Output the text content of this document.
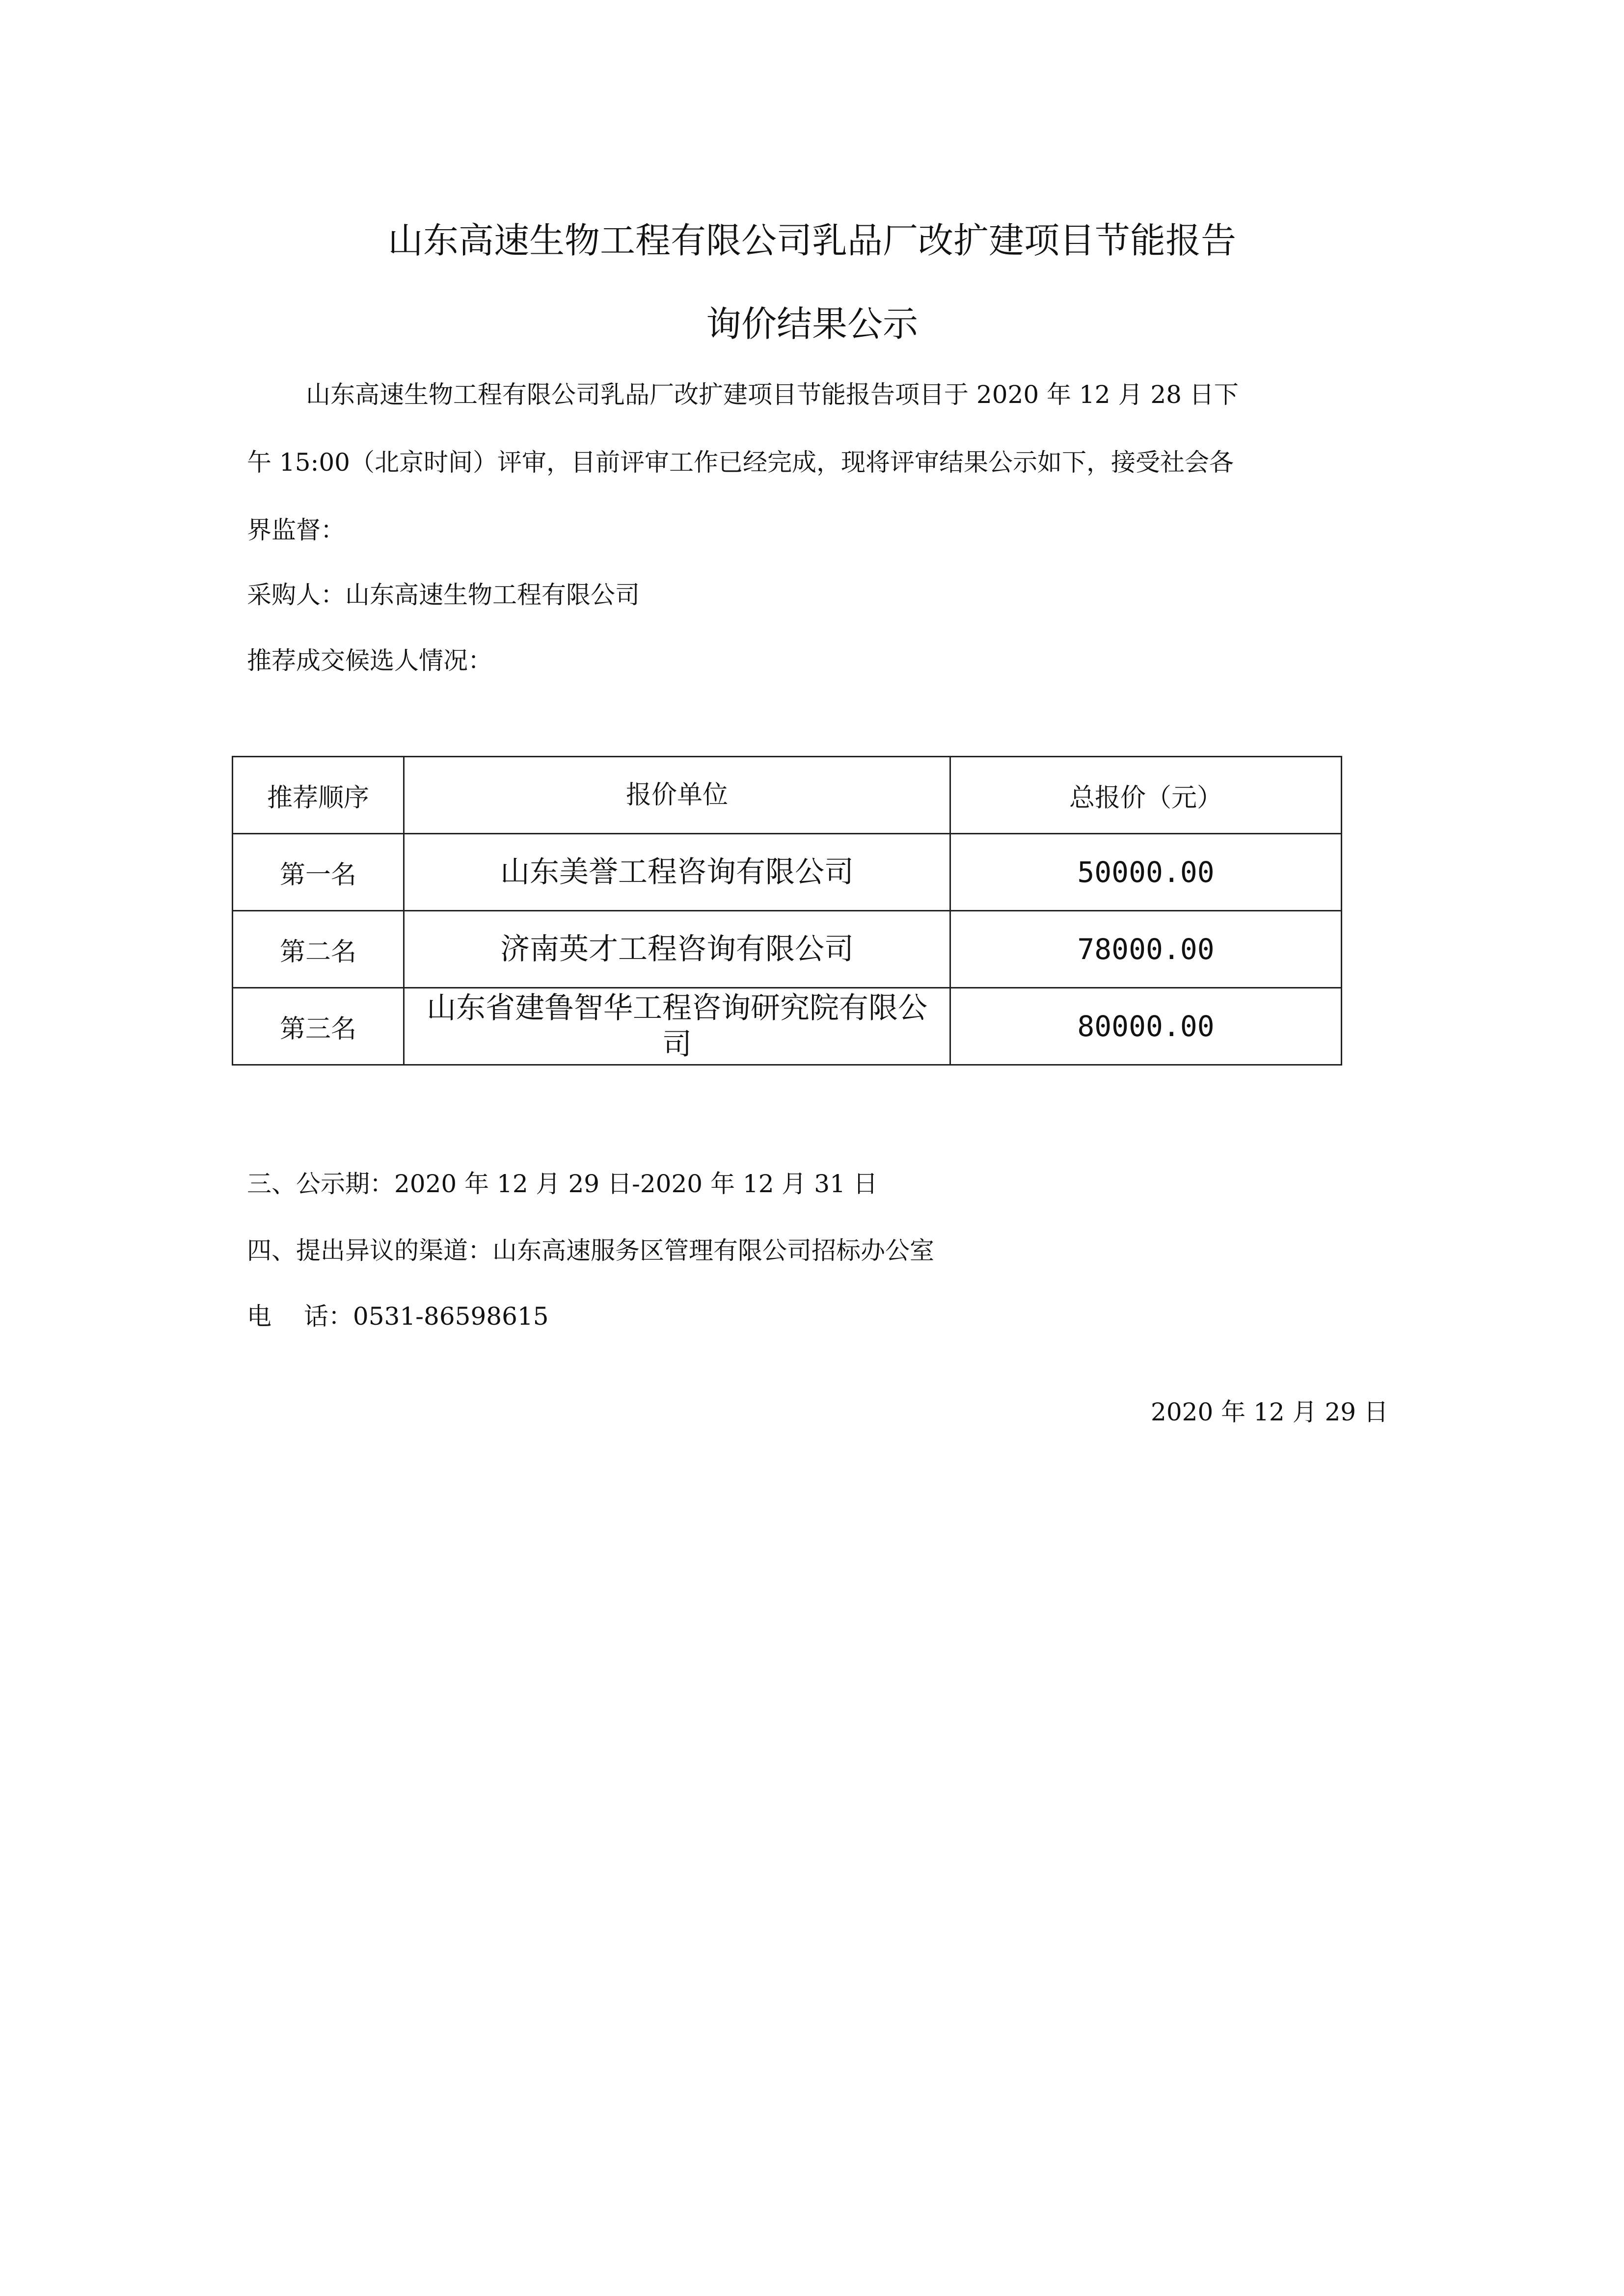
山东高速生物工程有限公司乳品厂改扩建项目节能报告
询价结果公示
山东高速生物工程有限公司乳品厂改扩建项目节能报告项目于 2020 年 12 月 28 日下
午 15:00（北京时间）评审，目前评审工作已经完成，现将评审结果公示如下，接受社会各
界监督：
采购人：山东高速生物工程有限公司
推荐成交候选人情况：
推荐顺序	报价单位	总报价（元）
第一名	山东美誉工程咨询有限公司	50000.00
第二名	济南英才工程咨询有限公司	78000.00
第三名	山东省建鲁智华工程咨询研究院有限公司	80000.00
三、公示期：2020 年 12 月 29 日-2020 年 12 月 31 日
四、提出异议的渠道：山东高速服务区管理有限公司招标办公室
电　 话：0531-86598615
2020 年 12 月 29 日
